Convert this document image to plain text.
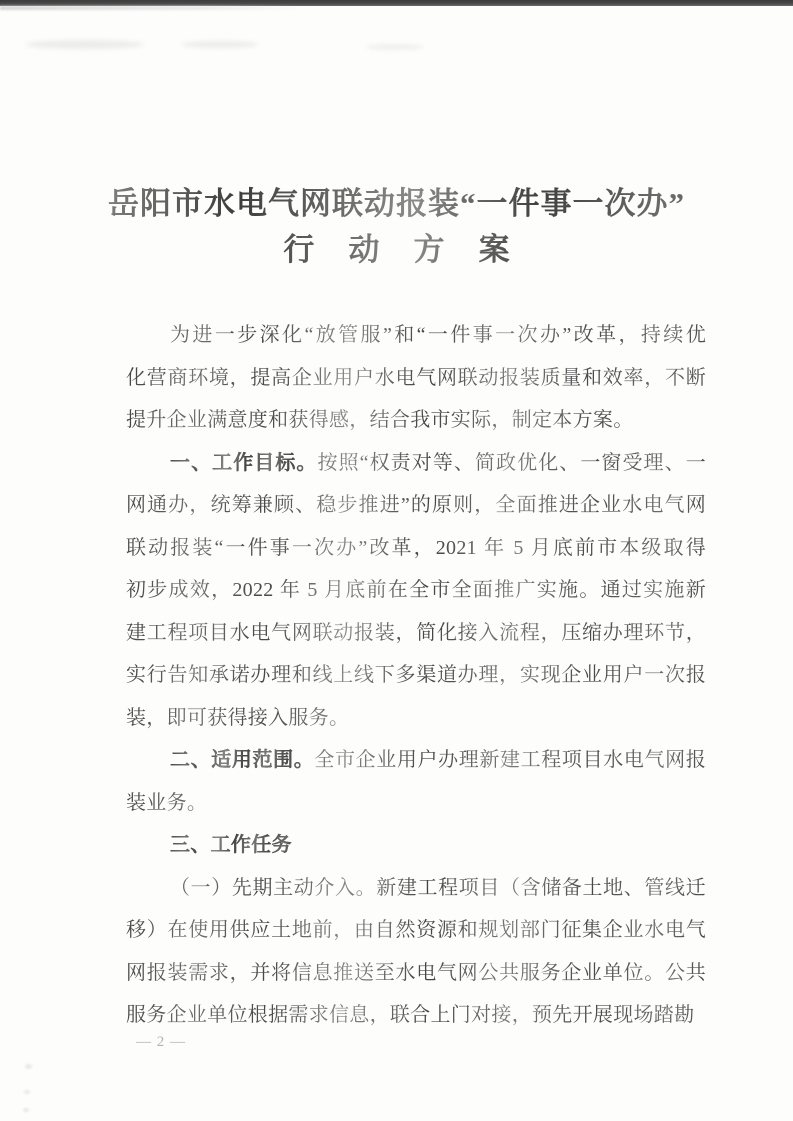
岳阳市水电气网联动报装“一件事一次办”
行动方案
为进一步深化“放管服”和“一件事一次办”改革，持续优
化营商环境，提高企业用户水电气网联动报装质量和效率，不断
提升企业满意度和获得感，结合我市实际，制定本方案。
一、工作目标。按照“权责对等、简政优化、一窗受理、一
网通办，统筹兼顾、稳步推进”的原则，全面推进企业水电气网
联动报装“一件事一次办”改革，2021 年 5 月底前市本级取得
初步成效，2022 年 5 月底前在全市全面推广实施。通过实施新
建工程项目水电气网联动报装，简化接入流程，压缩办理环节，
实行告知承诺办理和线上线下多渠道办理，实现企业用户一次报
装，即可获得接入服务。
二、适用范围。全市企业用户办理新建工程项目水电气网报
装业务。
三、工作任务
（一）先期主动介入。新建工程项目（含储备土地、管线迁
移）在使用供应土地前，由自然资源和规划部门征集企业水电气
网报装需求，并将信息推送至水电气网公共服务企业单位。公共
服务企业单位根据需求信息，联合上门对接，预先开展现场踏勘
— 2 —
